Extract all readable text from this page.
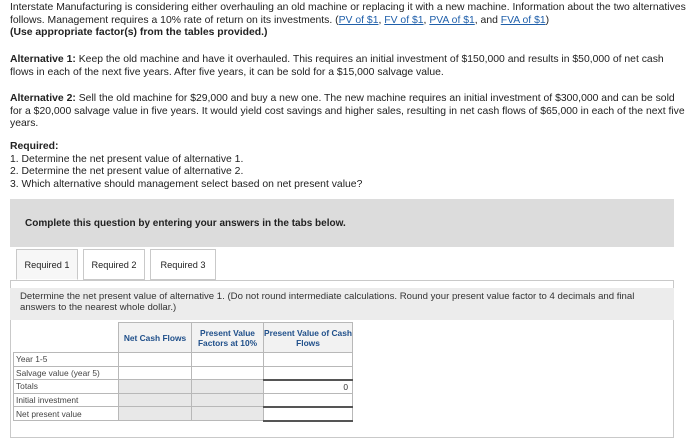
Interstate Manufacturing is considering either overhauling an old machine or replacing it with a new machine. Information about the two alternatives follows. Management requires a 10% rate of return on its investments. (PV of $1, FV of $1, PVA of $1, and FVA of $1)
(Use appropriate factor(s) from the tables provided.)
Alternative 1: Keep the old machine and have it overhauled. This requires an initial investment of $150,000 and results in $50,000 of net cash flows in each of the next five years. After five years, it can be sold for a $15,000 salvage value.
Alternative 2: Sell the old machine for $29,000 and buy a new one. The new machine requires an initial investment of $300,000 and can be sold for a $20,000 salvage value in five years. It would yield cost savings and higher sales, resulting in net cash flows of $65,000 in each of the next five years.
Required:
1. Determine the net present value of alternative 1.
2. Determine the net present value of alternative 2.
3. Which alternative should management select based on net present value?
Complete this question by entering your answers in the tabs below.
Required 1	Required 2	Required 3
Determine the net present value of alternative 1. (Do not round intermediate calculations. Round your present value factor to 4 decimals and final answers to the nearest whole dollar.)
	Net Cash Flows	Present Value Factors at 10%	Present Value of Cash Flows
Year 1-5	

Salvage value (year 5)	

Totals			0

Initial investment	

Net present value	
